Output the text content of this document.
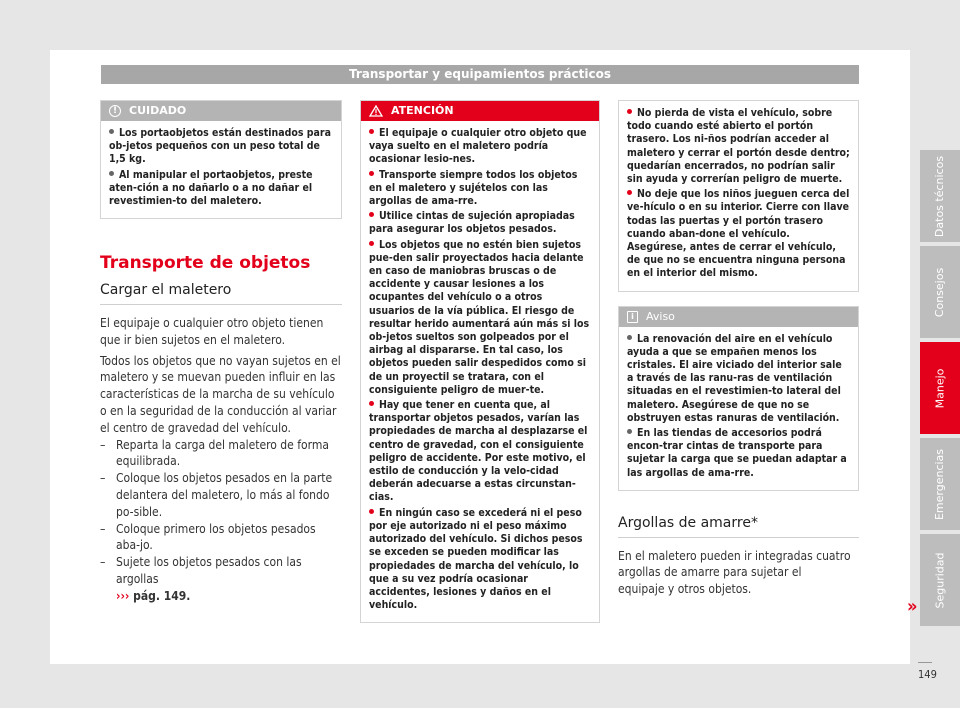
Transportar y equipamientos prácticos
!	CUIDADO

Los portaobjetos están destinados para ob-jetos pequeños con un peso total de 1,5 kg.

Al manipular el portaobjetos, preste aten-ción a no dañarlo o a no dañar el revestimien-to del maletero.

Transporte de objetos
Cargar el maletero

El equipaje o cualquier otro objeto tienen que ir bien sujetos en el maletero.

Todos los objetos que no vayan sujetos en el maletero y se muevan pueden influir en las características de la marcha de su vehículo o en la seguridad de la conducción al variar el centro de gravedad del vehículo.

– Reparta la carga del maletero de forma equilibrada.
– Coloque los objetos pesados en la parte delantera del maletero, lo más al fondo po-sible.
– Coloque primero los objetos pesados aba-jo.
– Sujete los objetos pesados con las argollas
››› pág. 149.
ATENCIÓN

El equipaje o cualquier otro objeto que vaya suelto en el maletero podría ocasionar lesio-nes.

Transporte siempre todos los objetos en el maletero y sujételos con las argollas de ama-rre.

Utilice cintas de sujeción apropiadas para asegurar los objetos pesados.

Los objetos que no estén bien sujetos pue-den salir proyectados hacia delante en caso de maniobras bruscas o de accidente y causar lesiones a los ocupantes del vehículo o a otros usuarios de la vía pública. El riesgo de resultar herido aumentará aún más si los ob-jetos sueltos son golpeados por el airbag al dispararse. En tal caso, los objetos pueden salir despedidos como si de un proyectil se tratara, con el consiguiente peligro de muer-te.

Hay que tener en cuenta que, al transportar objetos pesados, varían las propiedades de marcha al desplazarse el centro de gravedad, con el consiguiente peligro de accidente. Por este motivo, el estilo de conducción y la velo-cidad deberán adecuarse a estas circunstan-cias.

En ningún caso se excederá ni el peso por eje autorizado ni el peso máximo autorizado del vehículo. Si dichos pesos se exceden se pueden modificar las propiedades de marcha del vehículo, lo que a su vez podría ocasionar accidentes, lesiones y daños en el vehículo.

No pierda de vista el vehículo, sobre todo cuando esté abierto el portón trasero. Los ni-ños podrían acceder al maletero y cerrar el portón desde dentro; quedarían encerrados, no podrían salir sin ayuda y correrían peligro de muerte.

No deje que los niños jueguen cerca del ve-hículo o en su interior. Cierre con llave todas las puertas y el portón trasero cuando aban-done el vehículo. Asegúrese, antes de cerrar el vehículo, de que no se encuentra ninguna persona en el interior del mismo.

i	Aviso

La renovación del aire en el vehículo ayuda a que se empañen menos los cristales. El aire viciado del interior sale a través de las ranu-ras de ventilación situadas en el revestimien-to lateral del maletero. Asegúrese de que no se obstruyen estas ranuras de ventilación.

En las tiendas de accesorios podrá encon-trar cintas de transporte para sujetar la carga que se puedan adaptar a las argollas de ama-rre.

Argollas de amarre*
En el maletero pueden ir integradas cuatro argollas de amarre para sujetar el equipaje y otros objetos.
»
Datos técnicos
Consejos
Manejo
Emergencias
Seguridad
149
